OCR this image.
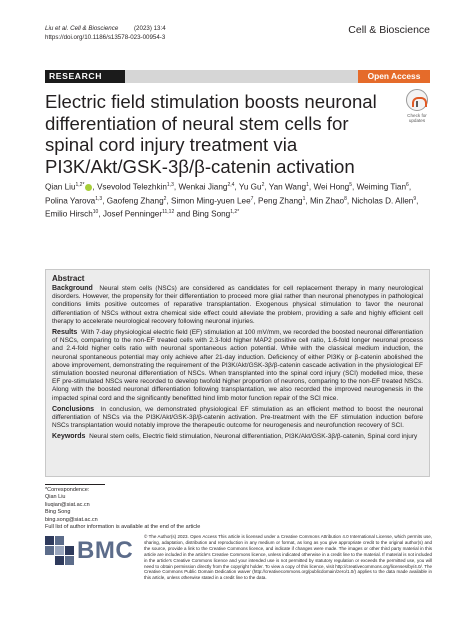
Liu et al. Cell & Bioscience	(2023) 13:4
https://doi.org/10.1186/s13578-023-00954-3
Cell & Bioscience
RESEARCH	Open Access
Electric field stimulation boosts neuronal differentiation of neural stem cells for spinal cord injury treatment via PI3K/Akt/GSK-3β/β-catenin activation
Check for
updates
Qian Liu$^{1,2*}$ , Vsevolod Telezhkin$^{1,3}$, Wenkai Jiang$^{2,4}$, Yu Gu$^2$, Yan Wang$^1$, Wei Hong$^5$, Weiming Tian$^6$, Polina Yarova$^{1,3}$, Gaofeng Zhang$^2$, Simon Ming-yuen Lee$^7$, Peng Zhang$^1$, Min Zhao$^8$, Nicholas D. Allen$^9$, Emilio Hirsch$^{10}$, Josef Penninger$^{11,12}$ and Bing Song$^{1,2*}$
Abstract
Background Neural stem cells (NSCs) are considered as candidates for cell replacement therapy in many neurological disorders. However, the propensity for their differentiation to proceed more glial rather than neuronal phenotypes in pathological conditions limits positive outcomes of reparative transplantation. Exogenous physical stimulation to favor the neuronal differentiation of NSCs without extra chemical side effect could alleviate the problem, providing a safe and highly efficient cell therapy to accelerate neurological recovery following neuronal injuries.
Results With 7-day physiological electric field (EF) stimulation at 100 mV/mm, we recorded the boosted neuronal differentiation of NSCs, comparing to the non-EF treated cells with 2.3-fold higher MAP2 positive cell ratio, 1.6-fold longer neuronal process and 2.4-fold higher cells ratio with neuronal spontaneous action potential. While with the classical medium induction, the neuronal spontaneous potential may only achieve after 21-day induction. Deficiency of either PI3Kγ or β-catenin abolished the above improvement, demonstrating the requirement of the PI3K/Akt/GSK-3β/β-catenin cascade activation in the physiological EF stimulation boosted neuronal differentiation of NSCs. When transplanted into the spinal cord injury (SCI) modelled mice, these EF pre-stimulated NSCs were recorded to develop twofold higher proportion of neurons, comparing to the non-EF treated NSCs. Along with the boosted neuronal differentiation following transplantation, we also recorded the improved neurogenesis in the impacted spinal cord and the significantly benefitted hind limb motor function repair of the SCI mice.
Conclusions In conclusion, we demonstrated physiological EF stimulation as an efficient method to boost the neuronal differentiation of NSCs via the PI3K/Akt/GSK-3β/β-catenin activation. Pre-treatment with the EF stimulation induction before NSCs transplantation would notably improve the therapeutic outcome for neurogenesis and neurofunction recovery of SCI.
Keywords Neural stem cells, Electric field stimulation, Neuronal differentiation, PI3K/Akt/GSK-3β/β-catenin, Spinal cord injury
*Correspondence:
Qian Liu
liuqian@siat.ac.cn
Bing Song
bing.song@siat.ac.cn
Full list of author information is available at the end of the article
BMC
© The Author(s) 2023. Open Access This article is licensed under a Creative Commons Attribution 4.0 International License, which permits use, sharing, adaptation, distribution and reproduction in any medium or format, as long as you give appropriate credit to the original author(s) and the source, provide a link to the Creative Commons licence, and indicate if changes were made. The images or other third party material in this article are included in the article's Creative Commons licence, unless indicated otherwise in a credit line to the material. If material is not included in the article's Creative Commons licence and your intended use is not permitted by statutory regulation or exceeds the permitted use, you will need to obtain permission directly from the copyright holder. To view a copy of this licence, visit http://creativecommons.org/licenses/by/4.0/. The Creative Commons Public Domain Dedication waiver (http://creativecommons.org/publicdomain/zero/1.0/) applies to the data made available in this article, unless otherwise stated in a credit line to the data.
